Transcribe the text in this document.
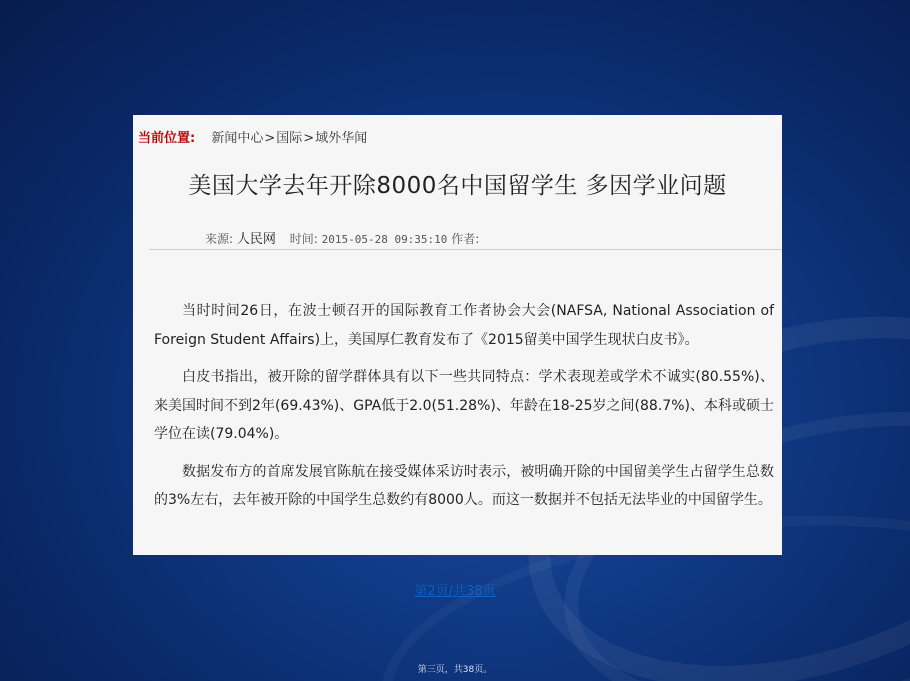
当前位置: 新闻中心>国际>域外华闻
美国大学去年开除8000名中国留学生 多因学业问题
来源: 人民网 时间: 2015-05-28 09:35:10 作者:

当时时间26日，在波士顿召开的国际教育工作者协会大会(NAFSA, National Association of Foreign Student Affairs)上，美国厚仁教育发布了《2015留美中国学生现状白皮书》。

白皮书指出，被开除的留学群体具有以下一些共同特点：学术表现差或学术不诚实(80.55%)、来美国时间不到2年(69.43%)、GPA低于2.0(51.28%)、年龄在18-25岁之间(88.7%)、本科或硕士学位在读(79.04%)。

数据发布方的首席发展官陈航在接受媒体采访时表示，被明确开除的中国留美学生占留学生总数的3%左右，去年被开除的中国学生总数约有8000人。而这一数据并不包括无法毕业的中国留学生。

第2页/共38页
第三页，共38页。
